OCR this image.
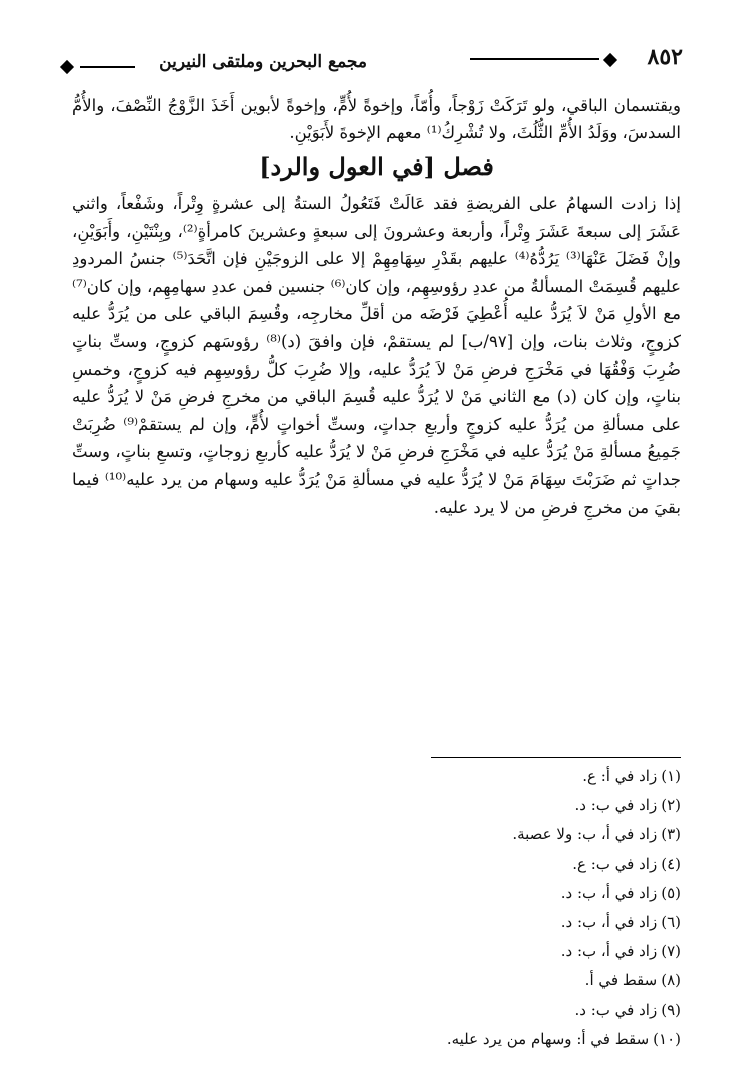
٨٥٢
مجمع البحرين وملتقى النيرين

ويقتسمان الباقي، ولو تَرَكَتْ زَوْجاً، وأُمّاً، وإخوةً لأُمٍّ، وإخوةً لأبوين أَخَذَ الزَّوْجُ النِّصْفَ، والأُمُّ السدسَ، ووَلَدُ الأُمِّ الثُّلُثَ، ولا تُشْرِكُ⁽¹⁾ معهم الإخوةَ لأَبَوَيْنِ.

فصل [في العول والرد]

إذا زادت السهامُ على الفريضةِ فقد عَالَتْ فَتَعُولُ الستةُ إلى عشرةٍ وِتْراً، وشَفْعاً، واثني عَشَرَ إلى سبعةَ عَشَرَ وِتْراً، وأربعة وعشرونَ إلى سبعةٍ وعشرينَ كامرأةٍ⁽²⁾، وبِنْتَيْنِ، وأَبَوَيْنِ، وإنْ فَضَلَ عَنْهَا⁽³⁾ يَرُدُّهُ⁽⁴⁾ عليهم بقَدْرِ سِهَامِهِمْ إلا على الزوجَيْنِ فإن اتَّحَدَ⁽⁵⁾ جنسُ المردودِ عليهم قُسِمَتْ المسألةُ من عددِ رؤوسِهِم، وإن كان⁽⁶⁾ جنسين فمن عددِ سهامِهِم، وإن كان⁽⁷⁾ مع الأولِ مَنْ لاَ يُرَدُّ عليه أُعْطِيَ فَرْضَه من أقلِّ مخارجِه، وقُسِمَ الباقي على من يُرَدُّ عليه كزوجٍ، وثلاث بنات، وإن [٩٧/ب] لم يستقمْ، فإن وافقَ (د)⁽⁸⁾ رؤوسَهم كزوجٍ، وستِّ بناتٍ ضُرِبَ وَفْقُهَا في مَخْرَجِ فرضِ مَنْ لاَ يُرَدُّ عليه، وإلا ضُرِبَ كلُّ رؤوسِهِم فيه كزوجٍ، وخمسِ بناتٍ، وإن كان (د) مع الثاني مَنْ لا يُرَدُّ عليه قُسِمَ الباقي من مخرجِ فرضِ مَنْ لا يُرَدُّ عليه على مسألةِ من يُرَدُّ عليه كزوجٍ وأربعِ جداتٍ، وستِّ أخواتٍ لأُمٍّ، وإن لم يستقمْ⁽⁹⁾ ضُرِبَتْ جَمِيعُ مسألةِ مَنْ يُرَدُّ عليه في مَخْرَجِ فرضِ مَنْ لا يُرَدُّ عليه كأربعِ زوجاتٍ، وتسعِ بناتٍ، وستِّ جداتٍ ثم ضَرَبْتَ سِهَامَ مَنْ لا يُرَدُّ عليه في مسألةِ مَنْ يُرَدُّ عليه وسهام من يرد عليه⁽¹⁰⁾ فيما بقيَ من مخرجِ فرضِ من لا يرد عليه.

(١)زاد في أ: ع.
(٢)زاد في ب: د.
(٣)زاد في أ، ب: ولا عصبة.
(٤)زاد في ب: ع.
(٥)زاد في أ، ب: د.
(٦)زاد في أ، ب: د.
(٧)زاد في أ، ب: د.
(٨)سقط في أ.
(٩)زاد في ب: د.
(١٠)سقط في أ: وسهام من يرد عليه.
